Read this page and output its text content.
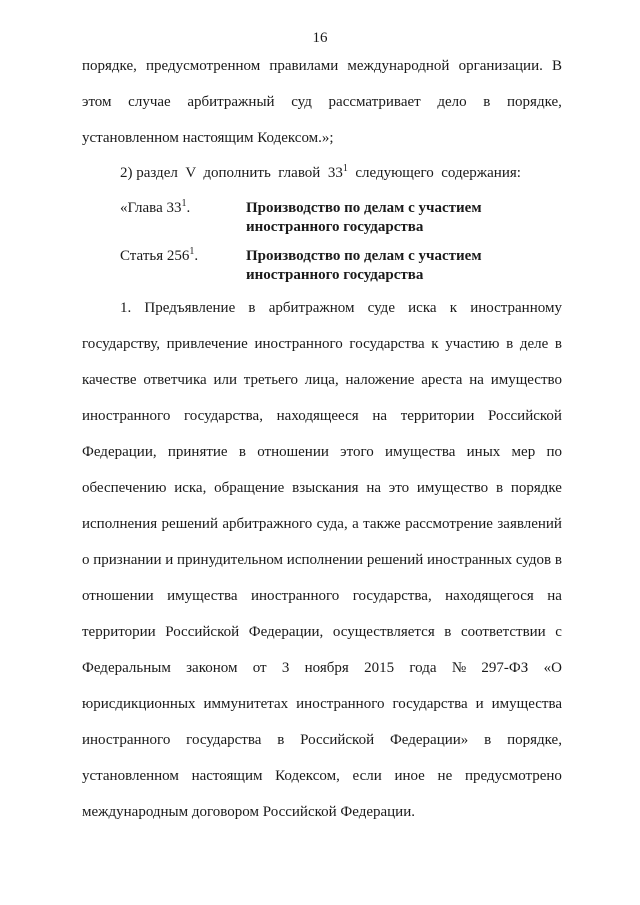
16
порядке, предусмотренном правилами международной организации. В
этом случае арбитражный суд рассматривает дело в порядке,
установленном настоящим Кодексом.»;
2) раздел  V  дополнить  главой  $33^1$  следующего  содержания:
«Глава $33^1$.	Производство по делам с участием иностранного государства
Статья $256^1$.	Производство по делам с участием иностранного государства
1. Предъявление в арбитражном суде иска к иностранному
государству, привлечение иностранного государства к участию в деле в
качестве ответчика или третьего лица, наложение ареста на имущество
иностранного государства, находящееся на территории Российской
Федерации, принятие в отношении этого имущества иных мер по
обеспечению иска, обращение взыскания на это имущество в порядке
исполнения решений арбитражного суда, а также рассмотрение заявлений
о признании и принудительном исполнении решений иностранных судов в
отношении имущества иностранного государства, находящегося на
территории Российской Федерации, осуществляется в соответствии с
Федеральным законом от 3 ноября 2015 года № 297-ФЗ «О
юрисдикционных иммунитетах иностранного государства и имущества
иностранного государства в Российской Федерации» в порядке,
установленном настоящим Кодексом, если иное не предусмотрено
международным договором Российской Федерации.
